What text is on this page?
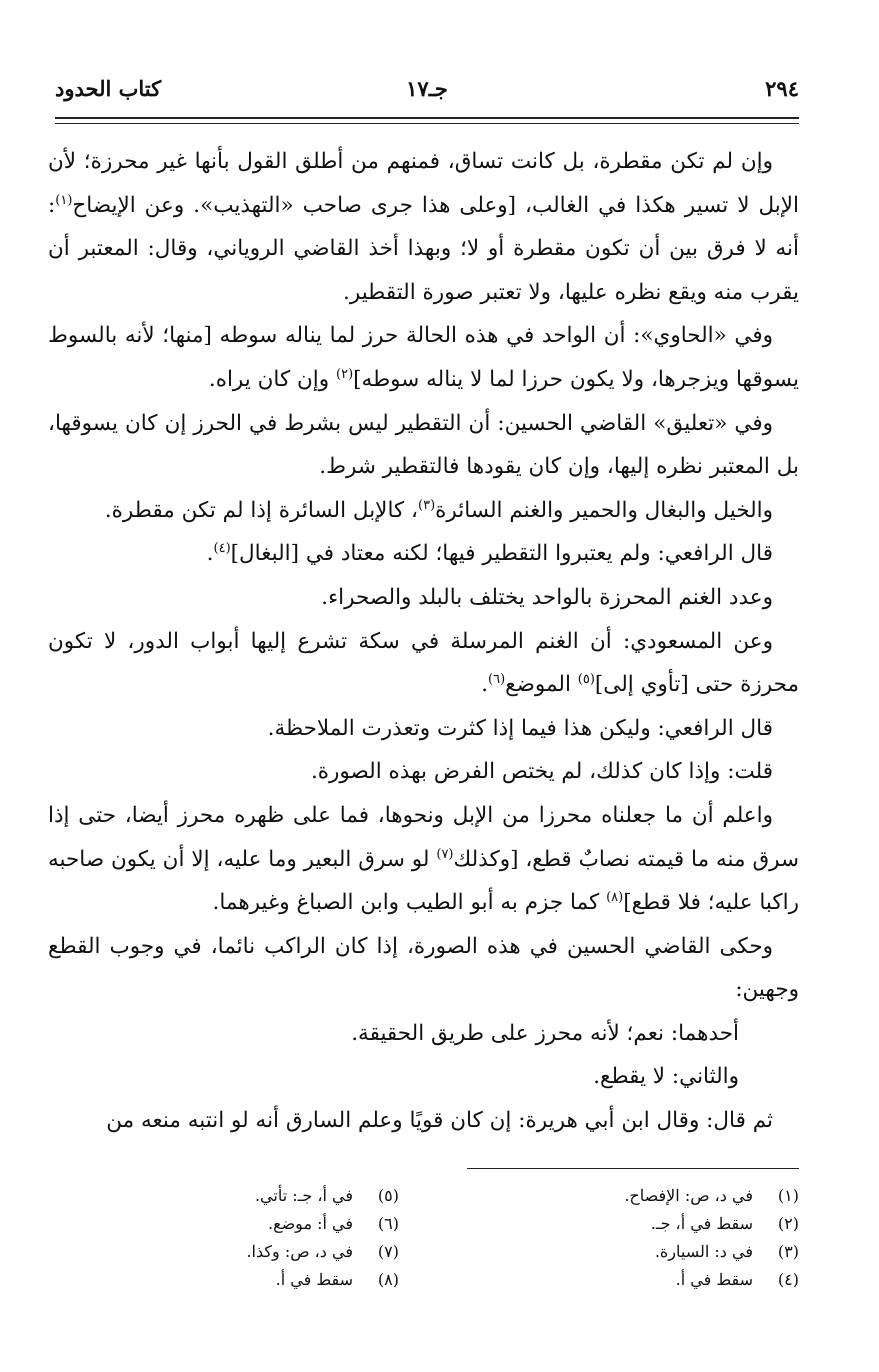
٢٩٤
جـ١٧
كتاب الحدود

وإن لم تكن مقطرة، بل كانت تساق، فمنهم من أطلق القول بأنها غير محرزة؛ لأن الإبل لا تسير هكذا في الغالب، [وعلى هذا جرى صاحب «التهذيب». وعن الإيضاح$^{(١)}$: أنه لا فرق بين أن تكون مقطرة أو لا؛ وبهذا أخذ القاضي الروياني، وقال: المعتبر أن يقرب منه ويقع نظره عليها، ولا تعتبر صورة التقطير.

وفي «الحاوي»: أن الواحد في هذه الحالة حرز لما يناله سوطه [منها؛ لأنه بالسوط يسوقها ويزجرها، ولا يكون حرزا لما لا يناله سوطه]$^{(٢)}$ وإن كان يراه.

وفي «تعليق» القاضي الحسين: أن التقطير ليس بشرط في الحرز إن كان يسوقها، بل المعتبر نظره إليها، وإن كان يقودها فالتقطير شرط.

والخيل والبغال والحمير والغنم السائرة$^{(٣)}$، كالإبل السائرة إذا لم تكن مقطرة.

قال الرافعي: ولم يعتبروا التقطير فيها؛ لكنه معتاد في [البغال]$^{(٤)}$.

وعدد الغنم المحرزة بالواحد يختلف بالبلد والصحراء.

وعن المسعودي: أن الغنم المرسلة في سكة تشرع إليها أبواب الدور، لا تكون محرزة حتى [تأوي إلى]$^{(٥)}$ الموضع$^{(٦)}$.

قال الرافعي: وليكن هذا فيما إذا كثرت وتعذرت الملاحظة.

قلت: وإذا كان كذلك، لم يختص الفرض بهذه الصورة.

واعلم أن ما جعلناه محرزا من الإبل ونحوها، فما على ظهره محرز أيضا، حتى إذا سرق منه ما قيمته نصابٌ قطع، [وكذلك$^{(٧)}$ لو سرق البعير وما عليه، إلا أن يكون صاحبه راكبا عليه؛ فلا قطع]$^{(٨)}$ كما جزم به أبو الطيب وابن الصباغ وغيرهما.

وحكى القاضي الحسين في هذه الصورة، إذا كان الراكب نائما، في وجوب القطع وجهين:

أحدهما: نعم؛ لأنه محرز على طريق الحقيقة.

والثاني: لا يقطع.

ثم قال: وقال ابن أبي هريرة: إن كان قويًا وعلم السارق أنه لو انتبه منعه من

(١)في د، ص: الإفصاح.
(٢)سقط في أ، جـ.
(٣)في د: السيارة.
(٤)سقط في أ.
(٥)في أ، جـ: تأتي.
(٦)في أ: موضع.
(٧)في د، ص: وكذا.
(٨)سقط في أ.
